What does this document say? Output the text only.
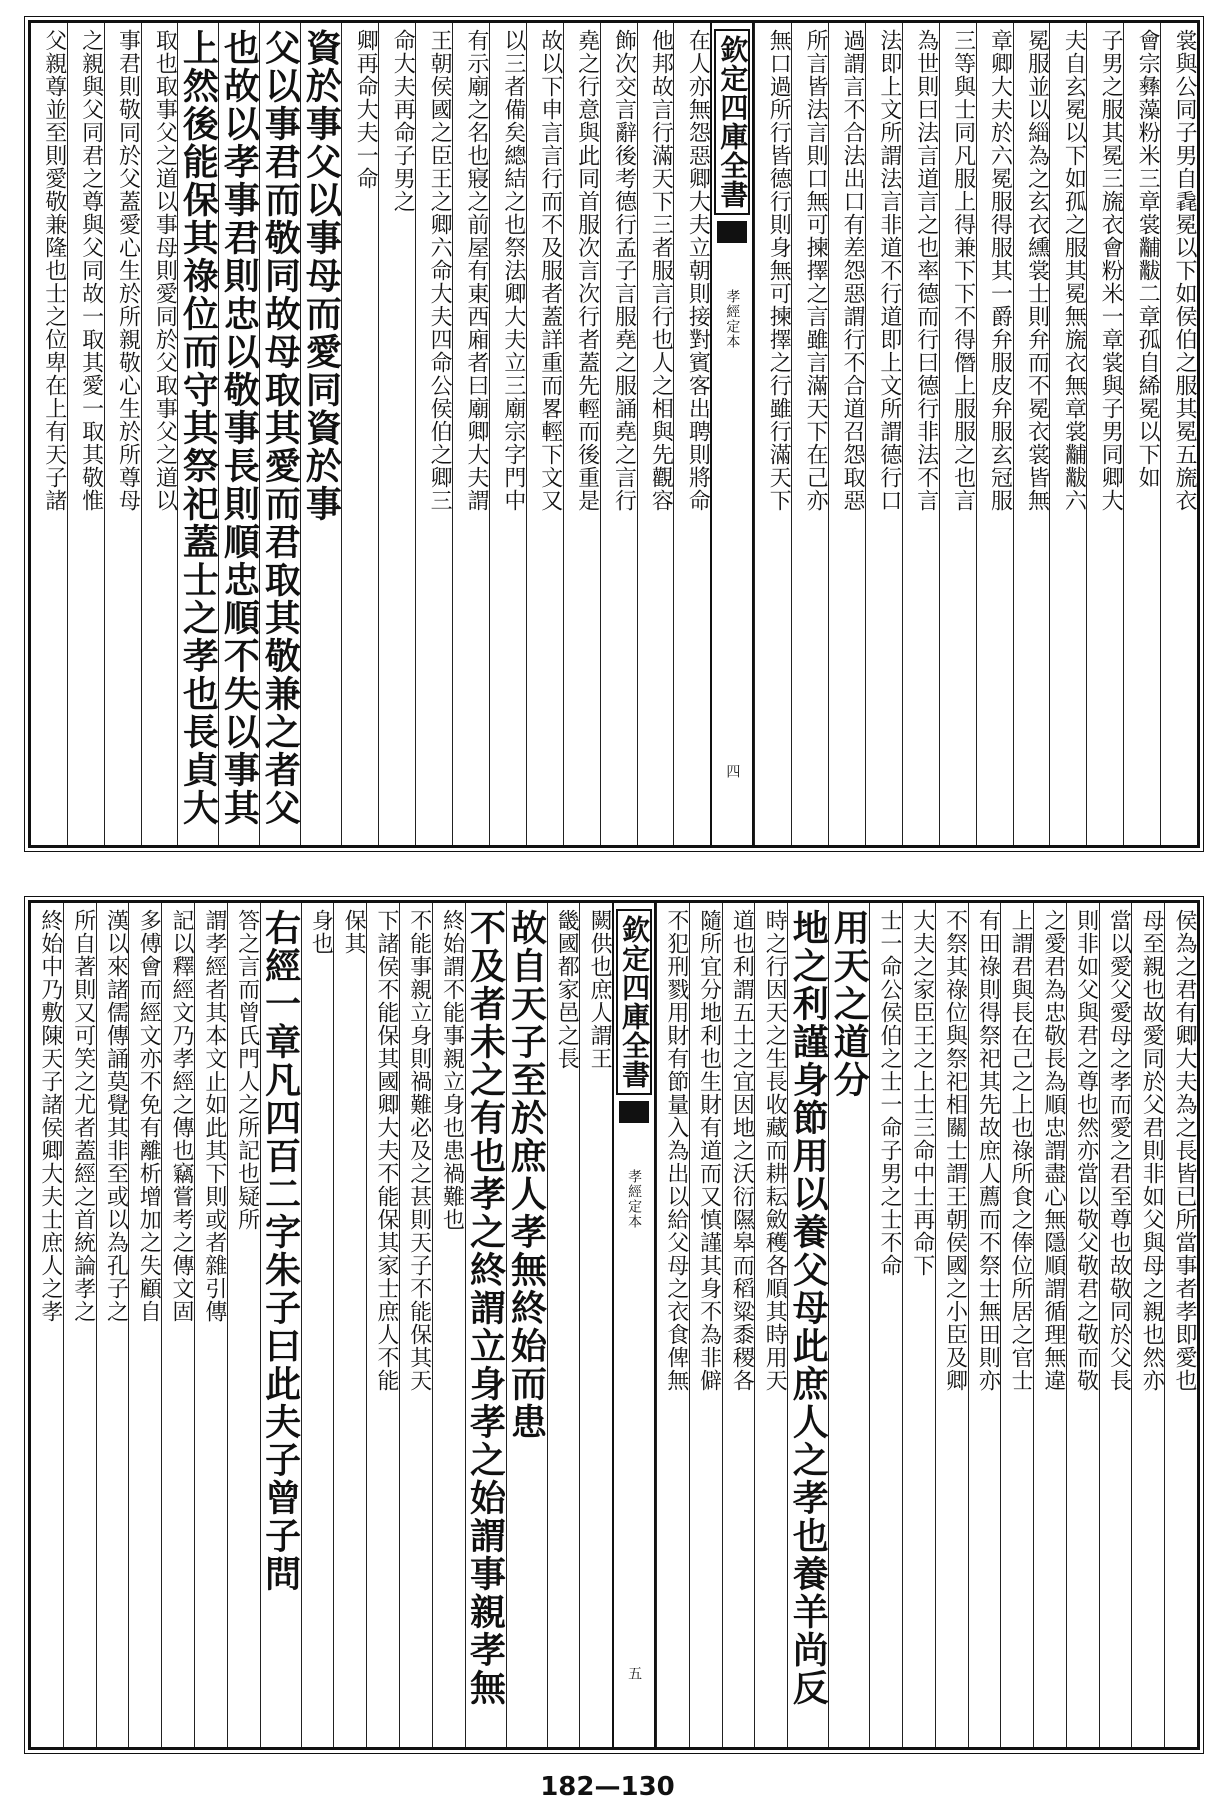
裳與公同子男自毳冕以下如侯伯之服其冕五旒衣
會宗彝藻粉米三章裳黼黻二章孤自絺冕以下如
子男之服其冕三旒衣會粉米一章裳與子男同卿大
夫自玄冕以下如孤之服其冕無旒衣無章裳黼黻六
冕服並以緇為之玄衣纁裳士則弁而不冕衣裳皆無
章卿大夫於六冕服得服其一爵弁服皮弁服玄冠服
三等與士同凡服上得兼下下不得僭上服服之也言
為世則曰法言道言之也率德而行曰德行非法不言
法即上文所謂法言非道不行道即上文所謂德行口
過謂言不合法出口有差怨惡謂行不合道召怨取惡
所言皆法言則口無可揀擇之言雖言滿天下在己亦
無口過所行皆德行則身無可揀擇之行雖行滿天下
欽定四庫全書
孝經定本
四
在人亦無怨惡卿大夫立朝則接對賓客出聘則將命
他邦故言行滿天下三者服言行也人之相與先觀容
飾次交言辭後考德行孟子言服堯之服誦堯之言行
堯之行意與此同首服次言次行者蓋先輕而後重是
故以下申言言行而不及服者蓋詳重而畧輕下文又
以三者備矣總結之也祭法卿大夫立三廟宗字門中
有示廟之名也寢之前屋有東西廂者曰廟卿大夫謂
王朝侯國之臣王之卿六命大夫四命公侯伯之卿三
命大夫再命子男之
卿再命大夫一命
資於事父以事母而愛同資於事
父以事君而敬同故母取其愛而君取其敬兼之者父
也故以孝事君則忠以敬事長則順忠順不失以事其
上然後能保其祿位而守其祭祀蓋士之孝也長貞大
取也取事父之道以事母則愛同於父取事父之道以
事君則敬同於父蓋愛心生於所親敬心生於所尊母
之親與父同君之尊與父同故一取其愛一取其敬惟
父親尊並至則愛敬兼隆也士之位卑在上有天子諸
侯為之君有卿大夫為之長皆已所當事者孝即愛也
母至親也故愛同於父君則非如父與母之親也然亦
當以愛父愛母之孝而愛之君至尊也故敬同於父長
則非如父與君之尊也然亦當以敬父敬君之敬而敬
之愛君為忠敬長為順忠謂盡心無隱順謂循理無違
上謂君與長在己之上也祿所食之俸位所居之官士
有田祿則得祭祀其先故庶人薦而不祭士無田則亦
不祭其祿位與祭祀相關士謂王朝侯國之小臣及卿
大夫之家臣王之上士三命中士再命下
士一命公侯伯之士一命子男之士不命
用天之道分
地之利謹身節用以養父母此庶人之孝也養羊尚反
時之行因天之生長收藏而耕耘斂穫各順其時用天
道也利謂五土之宜因地之沃衍隰皋而稻粱黍稷各
隨所宜分地利也生財有道而又慎謹其身不為非僻
不犯刑戮用財有節量入為出以給父母之衣食俾無
欽定四庫全書
孝經定本
五
闕供也庶人謂王
畿國都家邑之長
故自天子至於庶人孝無終始而患
不及者未之有也孝之終謂立身孝之始謂事親孝無
終始謂不能事親立身也患禍難也
不能事親立身則禍難必及之甚則天子不能保其天
下諸侯不能保其國卿大夫不能保其家士庶人不能
保其
身也
右經一章凡四百二字朱子曰此夫子曾子問
答之言而曾氏門人之所記也疑所
謂孝經者其本文止如此其下則或者雜引傳
記以釋經文乃孝經之傳也竊嘗考之傳文固
多傅會而經文亦不免有離析增加之失顧自
漢以來諸儒傳誦莫覺其非至或以為孔子之
所自著則又可笑之尤者蓋經之首統論孝之
終始中乃敷陳天子諸侯卿大夫士庶人之孝
182—130
